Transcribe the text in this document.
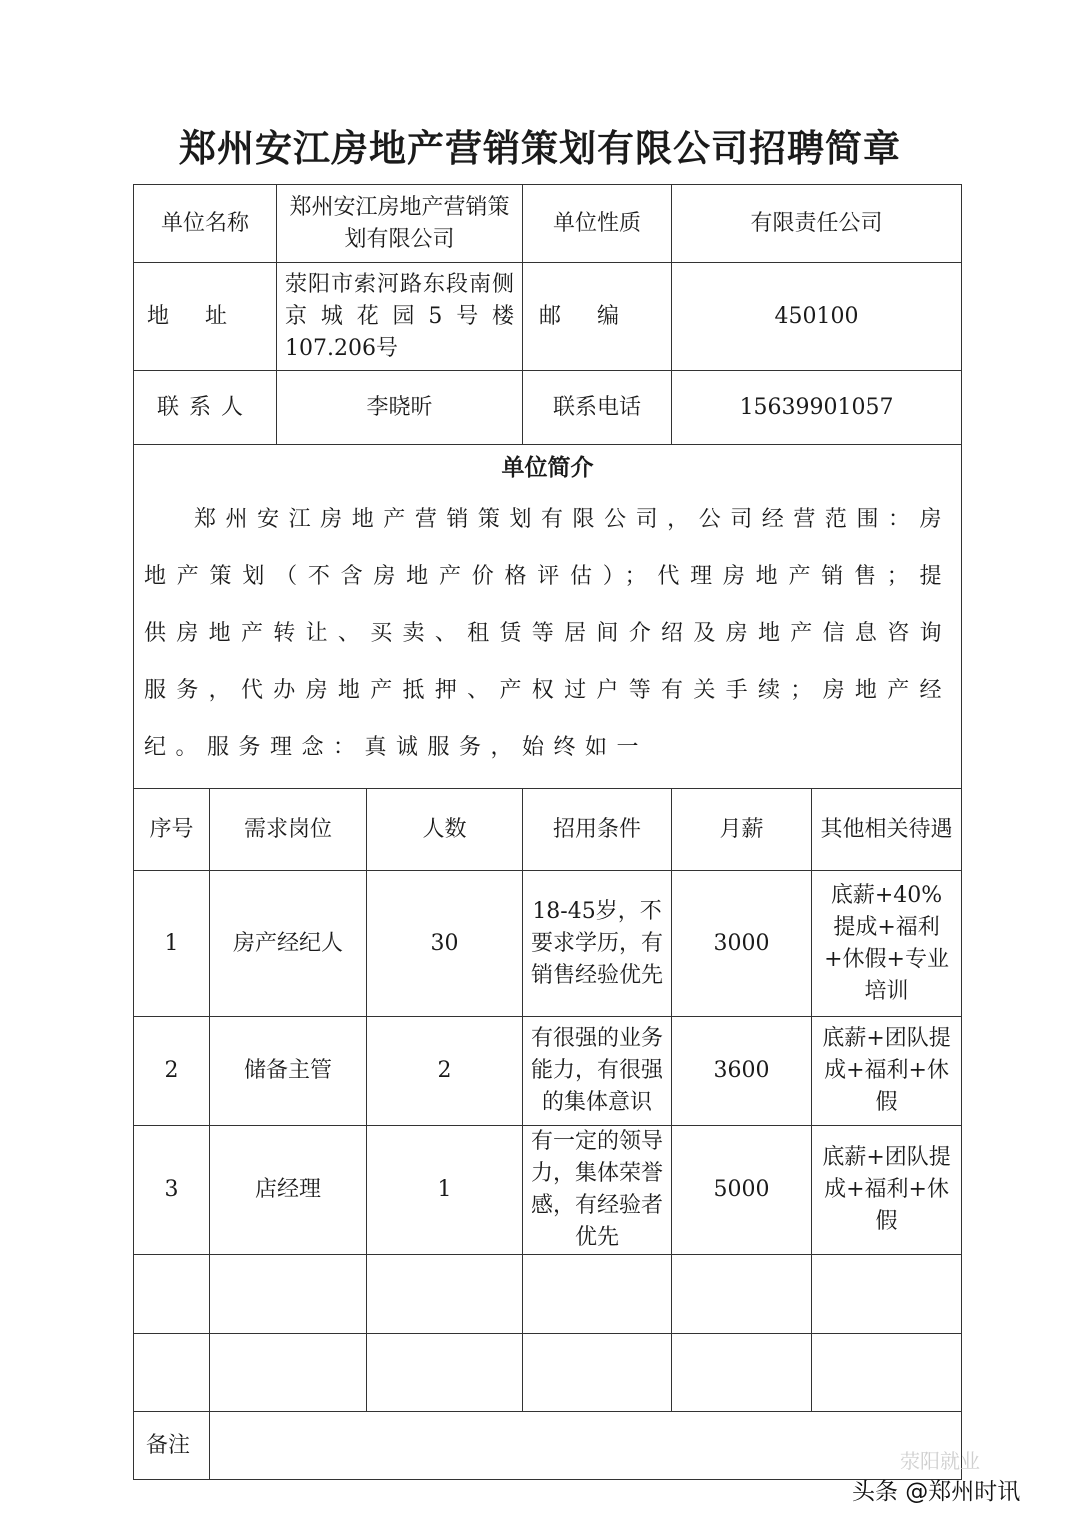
郑州安江房地产营销策划有限公司招聘简章
单位名称		郑州安江房地产营销策划有限公司		单位性质	有限责任公司	
地址		荥阳市索河路东段南侧京城花园5号楼107.206号		邮编	450100	
联系人		李晓昕		联系电话	15639901057	

单位简介
郑州安江房地产营销策划有限公司，公司经营范围：房地产策划（不含房地产价格评估）；代理房地产销售；提供房地产转让、买卖、租赁等居间介绍及房地产信息咨询服务，代办房地产抵押、产权过户等有关手续；房地产经纪。服务理念：真诚服务，始终如一						

序号	需求岗位		人数	招用条件	月薪	其他相关待遇
1	房产经纪人		30	18-45岁，不要求学历，有销售经验优先	3000	底薪+40%提成+福利+休假+专业培训
2	储备主管		2	有很强的业务能力，有很强的集体意识	3600	底薪+团队提成+福利+休假
3	店经理		1	有一定的领导力，集体荣誉感，有经验者优先	5000	底薪+团队提成+福利+休假

备注						
荥阳就业
头条 @郑州时讯
